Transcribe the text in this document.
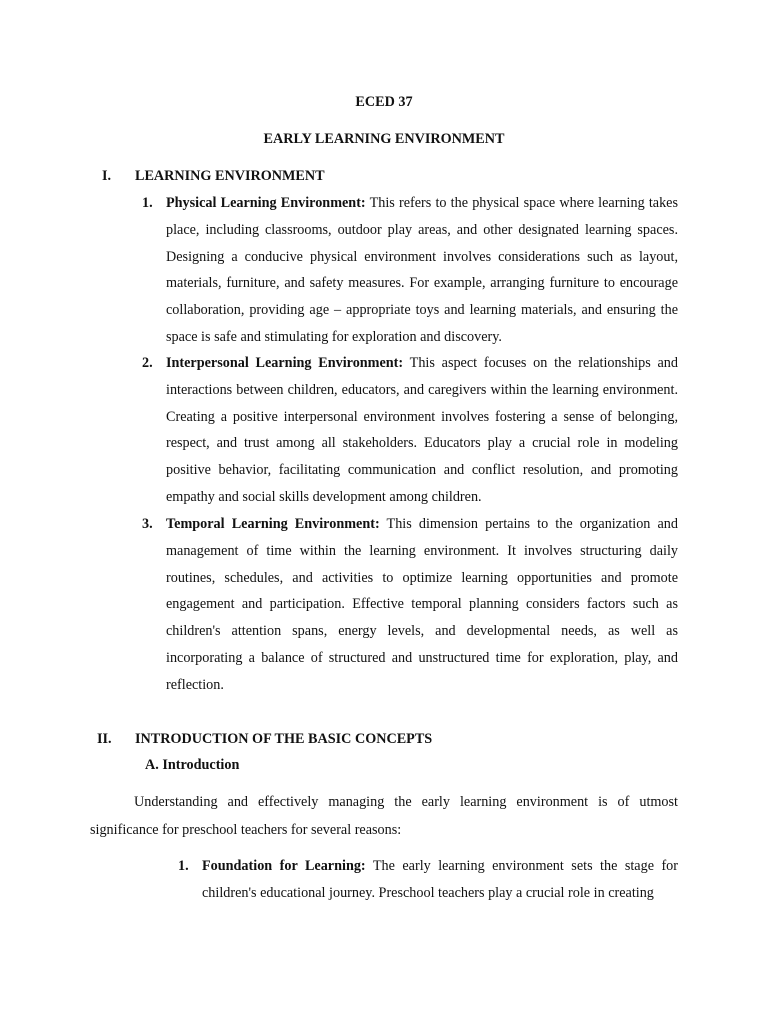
ECED 37
EARLY LEARNING ENVIRONMENT
I. LEARNING ENVIRONMENT
1. Physical Learning Environment: This refers to the physical space where learning takes place, including classrooms, outdoor play areas, and other designated learning spaces. Designing a conducive physical environment involves considerations such as layout, materials, furniture, and safety measures. For example, arranging furniture to encourage collaboration, providing age – appropriate toys and learning materials, and ensuring the space is safe and stimulating for exploration and discovery.
2. Interpersonal Learning Environment: This aspect focuses on the relationships and interactions between children, educators, and caregivers within the learning environment. Creating a positive interpersonal environment involves fostering a sense of belonging, respect, and trust among all stakeholders. Educators play a crucial role in modeling positive behavior, facilitating communication and conflict resolution, and promoting empathy and social skills development among children.
3. Temporal Learning Environment: This dimension pertains to the organization and management of time within the learning environment. It involves structuring daily routines, schedules, and activities to optimize learning opportunities and promote engagement and participation. Effective temporal planning considers factors such as children's attention spans, energy levels, and developmental needs, as well as incorporating a balance of structured and unstructured time for exploration, play, and reflection.
II. INTRODUCTION OF THE BASIC CONCEPTS
A. Introduction
Understanding and effectively managing the early learning environment is of utmost significance for preschool teachers for several reasons:
1. Foundation for Learning: The early learning environment sets the stage for children's educational journey. Preschool teachers play a crucial role in creating
